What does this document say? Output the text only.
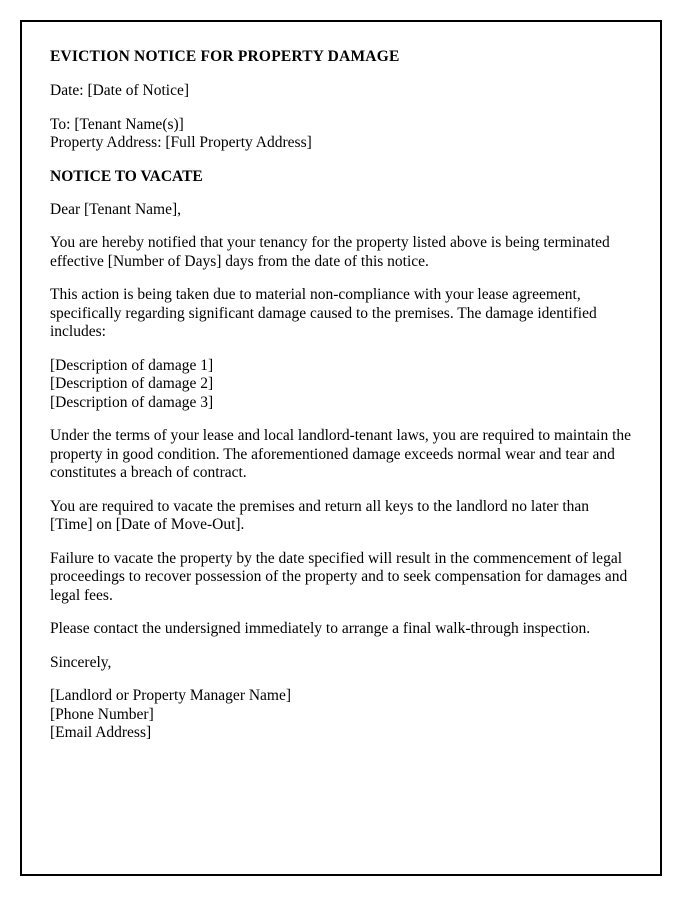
EVICTION NOTICE FOR PROPERTY DAMAGE

Date: [Date of Notice]

To: [Tenant Name(s)]
Property Address: [Full Property Address]
NOTICE TO VACATE

Dear [Tenant Name],

You are hereby notified that your tenancy for the property listed above is being terminated effective [Number of Days] days from the date of this notice.

This action is being taken due to material non-compliance with your lease agreement, specifically regarding significant damage caused to the premises. The damage identified includes:

[Description of damage 1]
[Description of damage 2]
[Description of damage 3]

Under the terms of your lease and local landlord-tenant laws, you are required to maintain the property in good condition. The aforementioned damage exceeds normal wear and tear and constitutes a breach of contract.

You are required to vacate the premises and return all keys to the landlord no later than [Time] on [Date of Move-Out].

Failure to vacate the property by the date specified will result in the commencement of legal proceedings to recover possession of the property and to seek compensation for damages and legal fees.

Please contact the undersigned immediately to arrange a final walk-through inspection.

Sincerely,

[Landlord or Property Manager Name]
[Phone Number]
[Email Address]
